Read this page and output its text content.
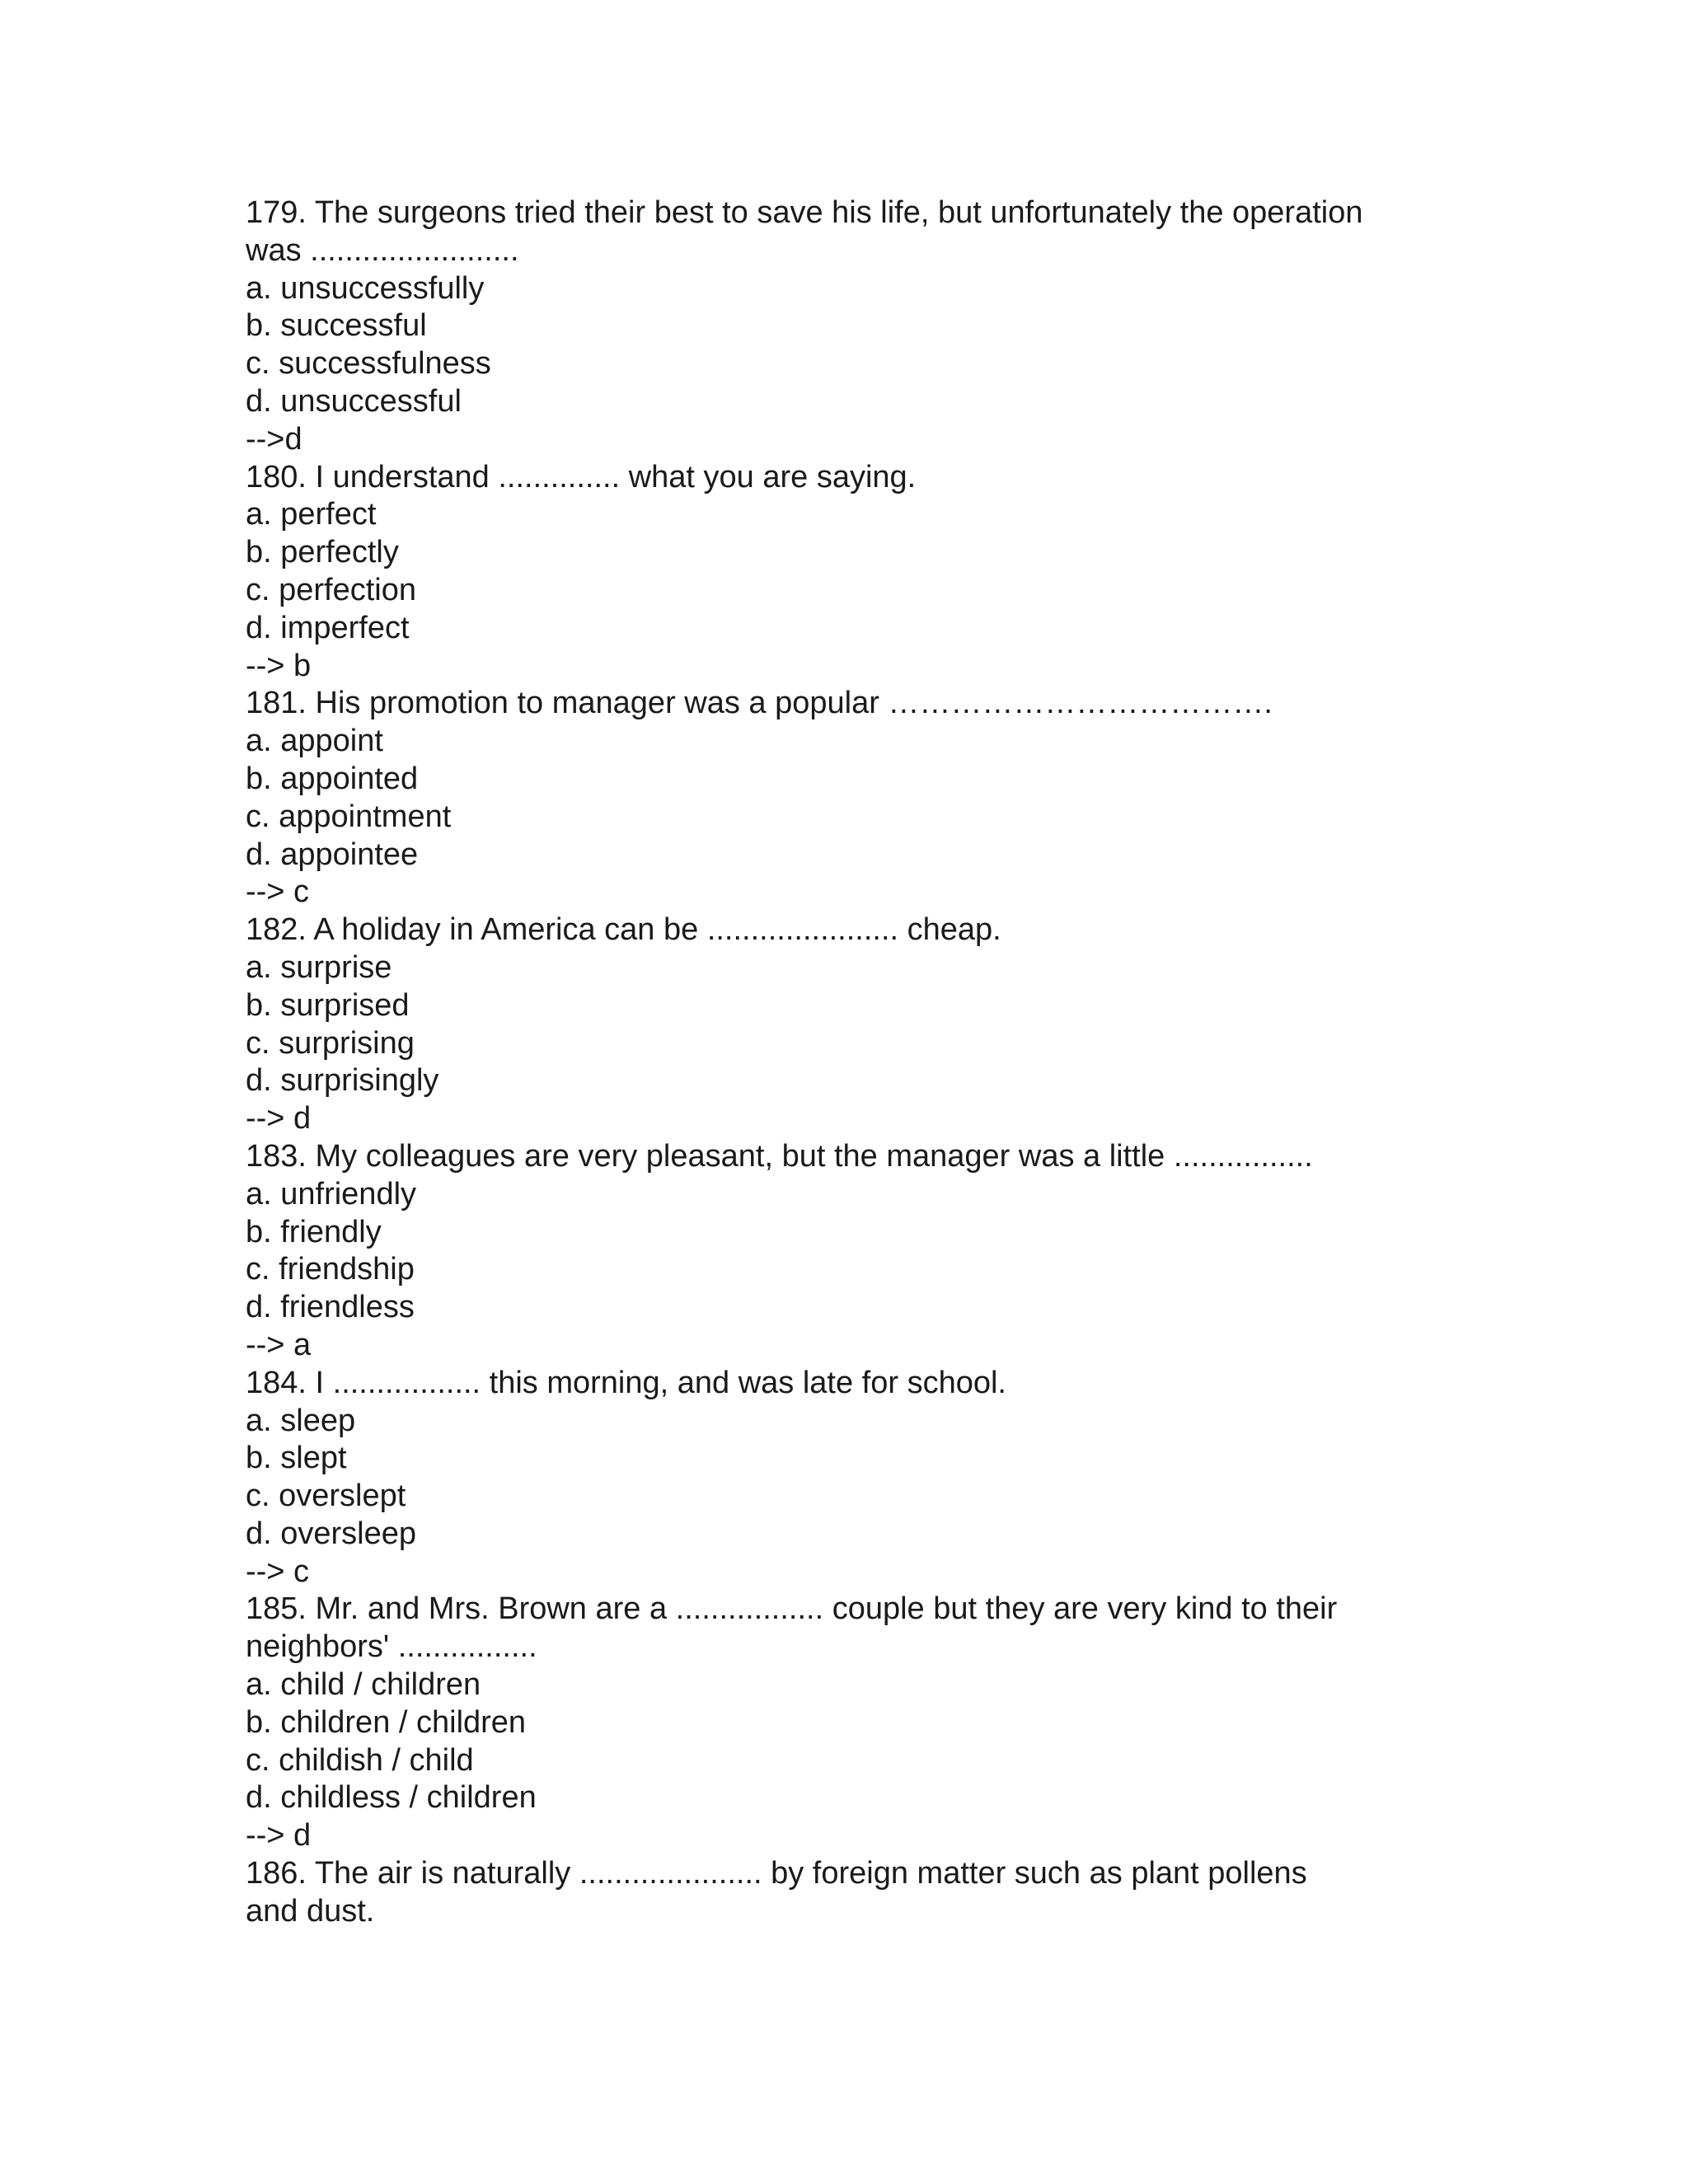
179. The surgeons tried their best to save his life, but unfortunately the operation
was ........................
a. unsuccessfully
b. successful
c. successfulness
d. unsuccessful
-->d
180. I understand .............. what you are saying.
a. perfect
b. perfectly
c. perfection
d. imperfect
--> b
181. His promotion to manager was a popular ……………………………….
a. appoint
b. appointed
c. appointment
d. appointee
--> c
182. A holiday in America can be ...................... cheap.
a. surprise
b. surprised
c. surprising
d. surprisingly
--> d
183. My colleagues are very pleasant, but the manager was a little ................
a. unfriendly
b. friendly
c. friendship
d. friendless
--> a
184. I ................. this morning, and was late for school.
a. sleep
b. slept
c. overslept
d. oversleep
--> c
185. Mr. and Mrs. Brown are a ................. couple but they are very kind to their
neighbors' ................
a. child / children
b. children / children
c. childish / child
d. childless / children
--> d
186. The air is naturally ..................... by foreign matter such as plant pollens
and dust.
